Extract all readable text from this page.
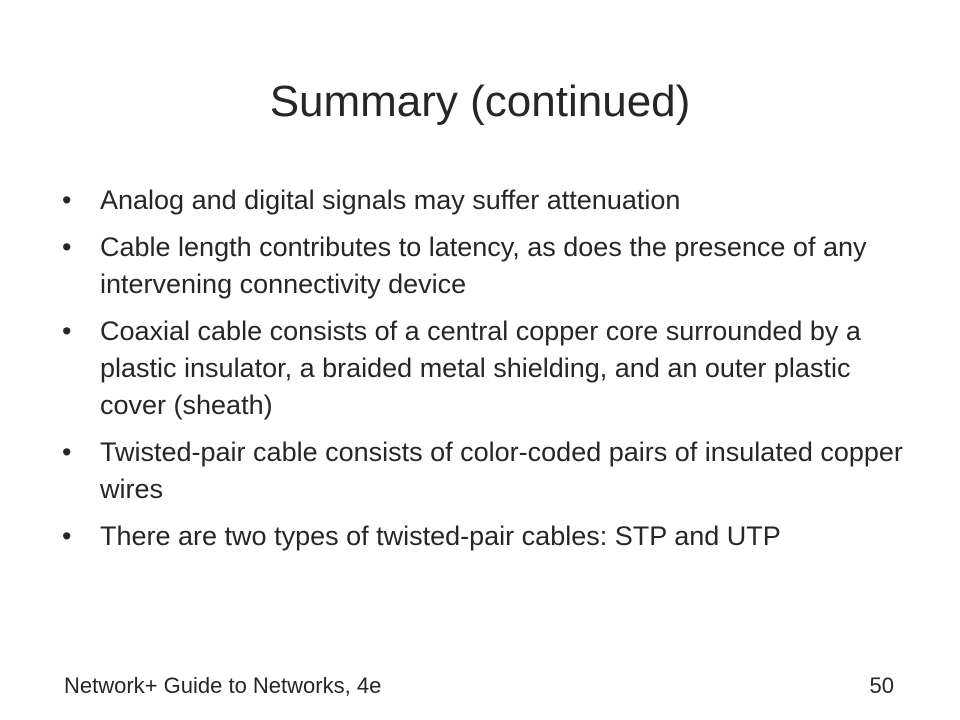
Summary (continued)
•	Analog and digital signals may suffer attenuation
•	Cable length contributes to latency, as does the presence of any intervening connectivity device
•	Coaxial cable consists of a central copper core surrounded by a plastic insulator, a braided metal shielding, and an outer plastic cover (sheath)
•	Twisted-pair cable consists of color-coded pairs of insulated copper wires
•	There are two types of twisted-pair cables: STP and UTP
Network+ Guide to Networks, 4e	50
